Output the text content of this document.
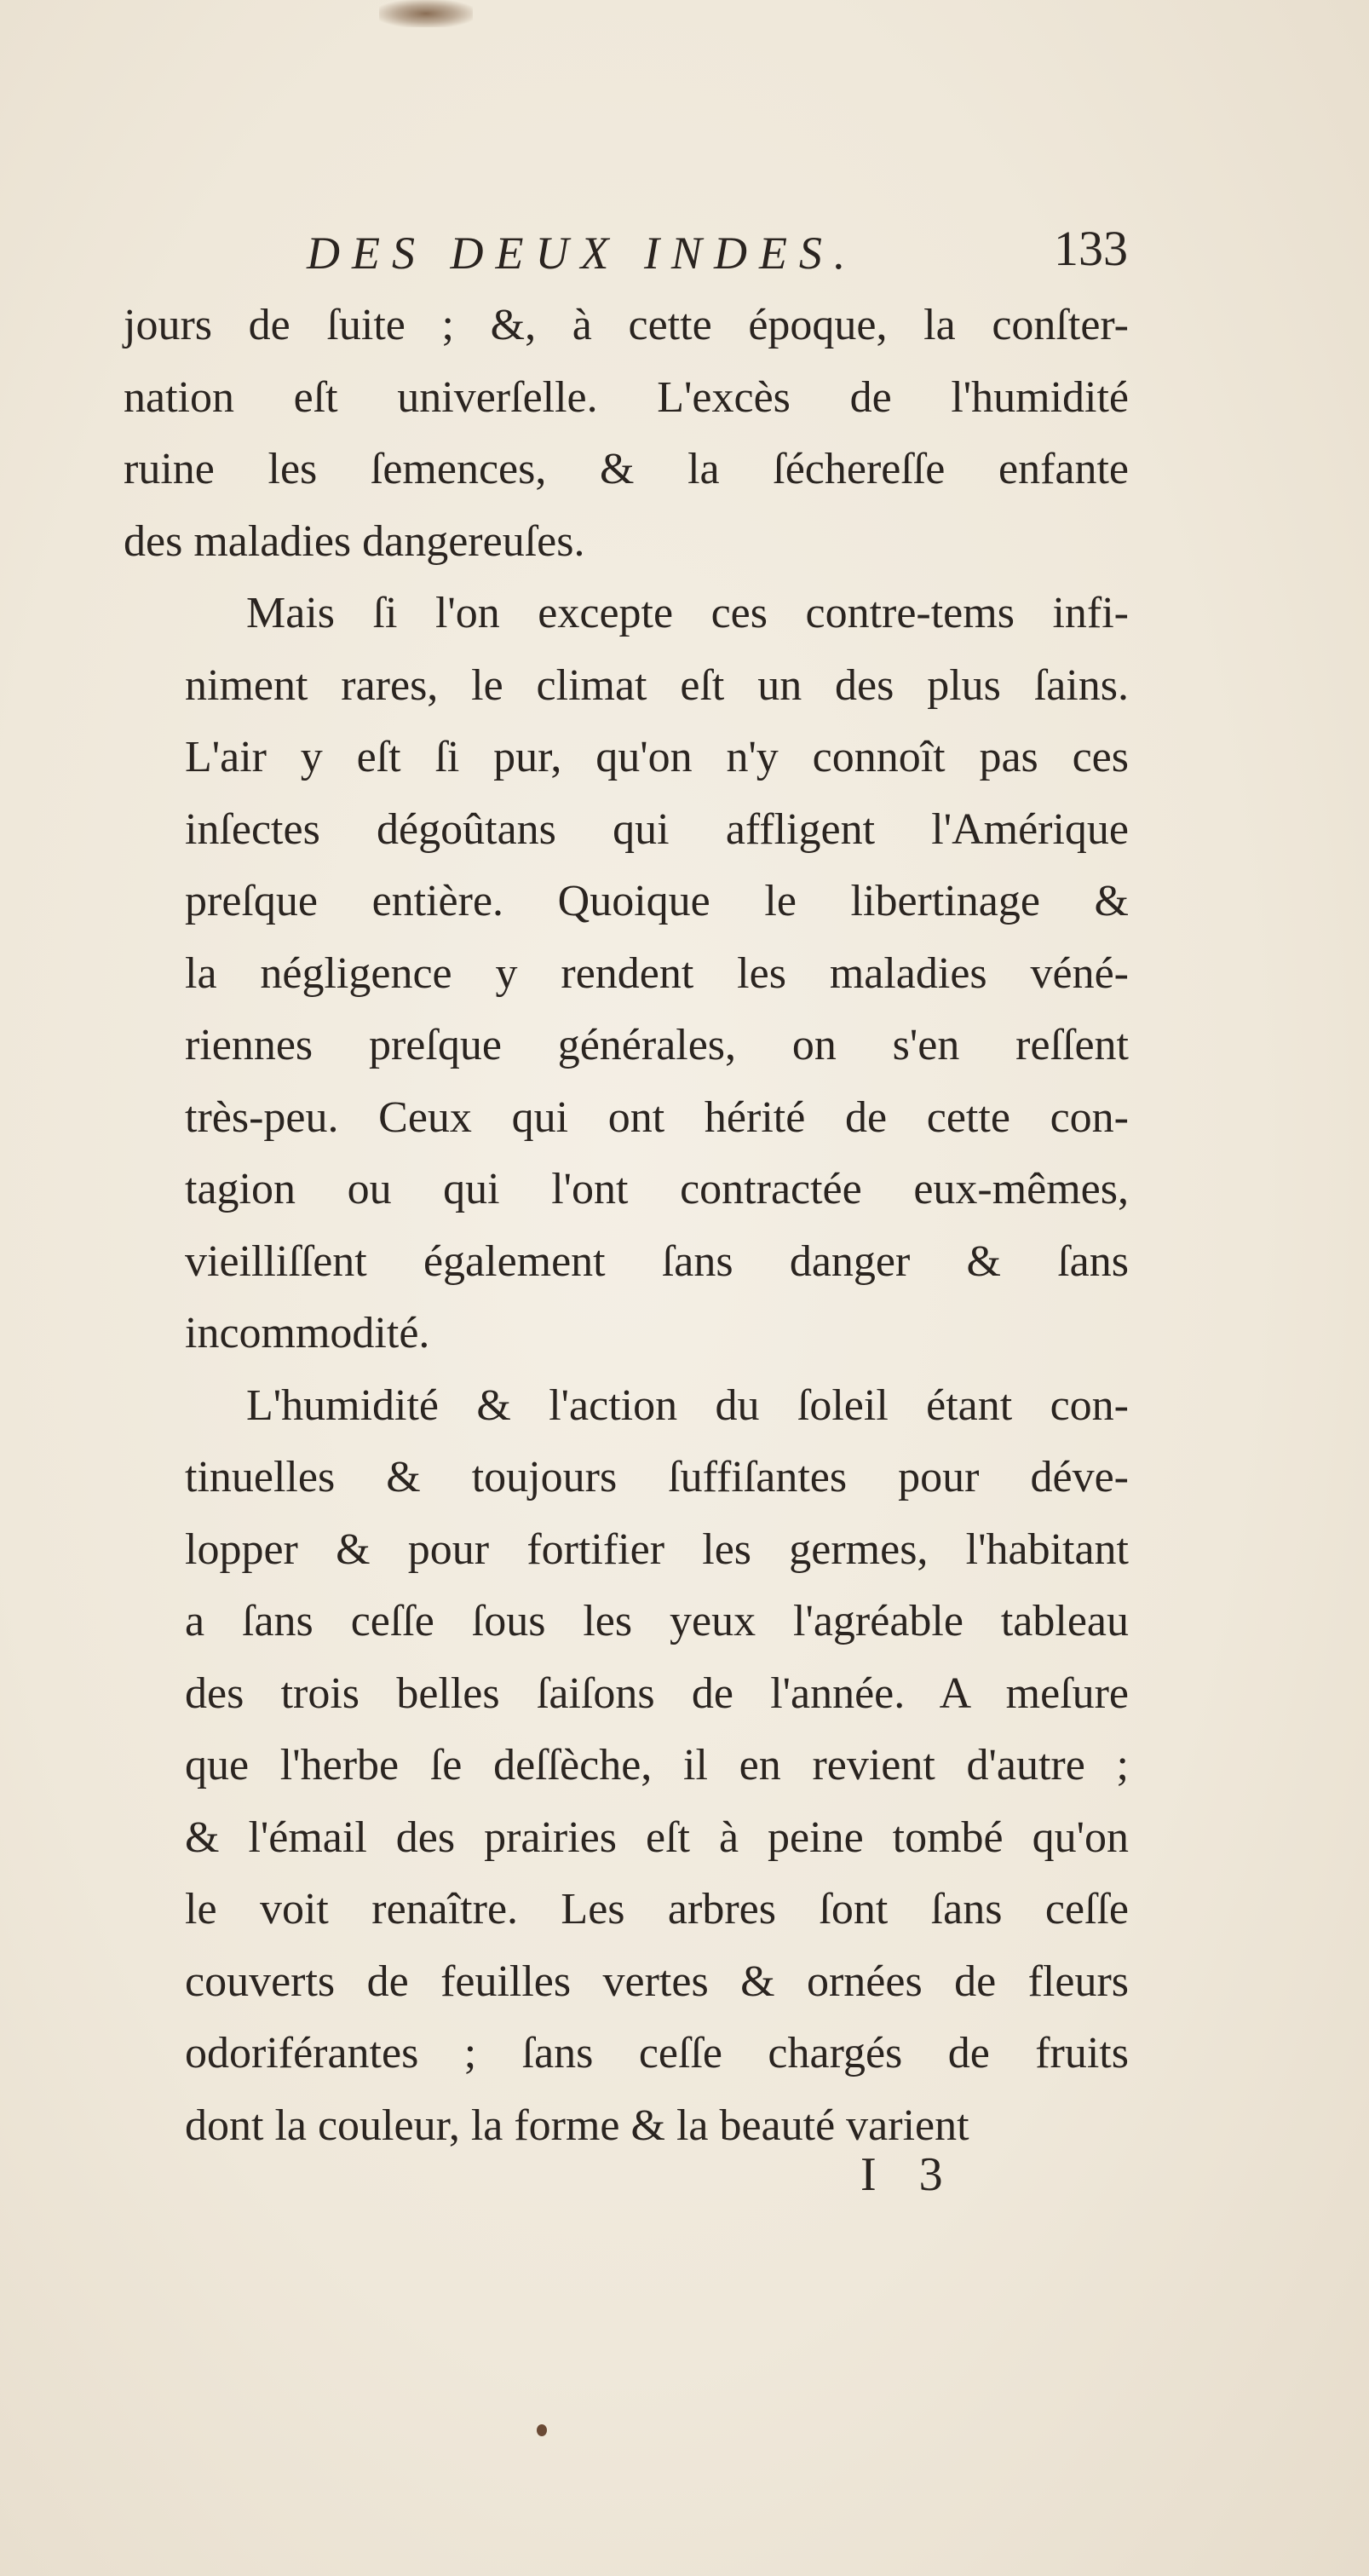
DES DEUX INDES.	133

jours de ſuite ; &, à cette époque, la conſter-
nation eſt univerſelle. L'excès de l'humidité
ruine les ſemences, & la ſéchereſſe enfante
des maladies dangereuſes.

Mais ſi l'on excepte ces contre-tems infi-
niment rares, le climat eſt un des plus ſains.
L'air y eſt ſi pur, qu'on n'y connoît pas ces
inſectes dégoûtans qui affligent l'Amérique
preſque entière. Quoique le libertinage &
la négligence y rendent les maladies véné-
riennes preſque générales, on s'en reſſent
très-peu. Ceux qui ont hérité de cette con-
tagion ou qui l'ont contractée eux-mêmes,
vieilliſſent également ſans danger & ſans
incommodité.

L'humidité & l'action du ſoleil étant con-
tinuelles & toujours ſuffiſantes pour déve-
lopper & pour fortifier les germes, l'habitant
a ſans ceſſe ſous les yeux l'agréable tableau
des trois belles ſaiſons de l'année. A meſure
que l'herbe ſe deſſèche, il en revient d'autre ;
& l'émail des prairies eſt à peine tombé qu'on
le voit renaître. Les arbres ſont ſans ceſſe
couverts de feuilles vertes & ornées de fleurs
odoriférantes ; ſans ceſſe chargés de fruits
dont la couleur, la forme & la beauté varient

I 3
